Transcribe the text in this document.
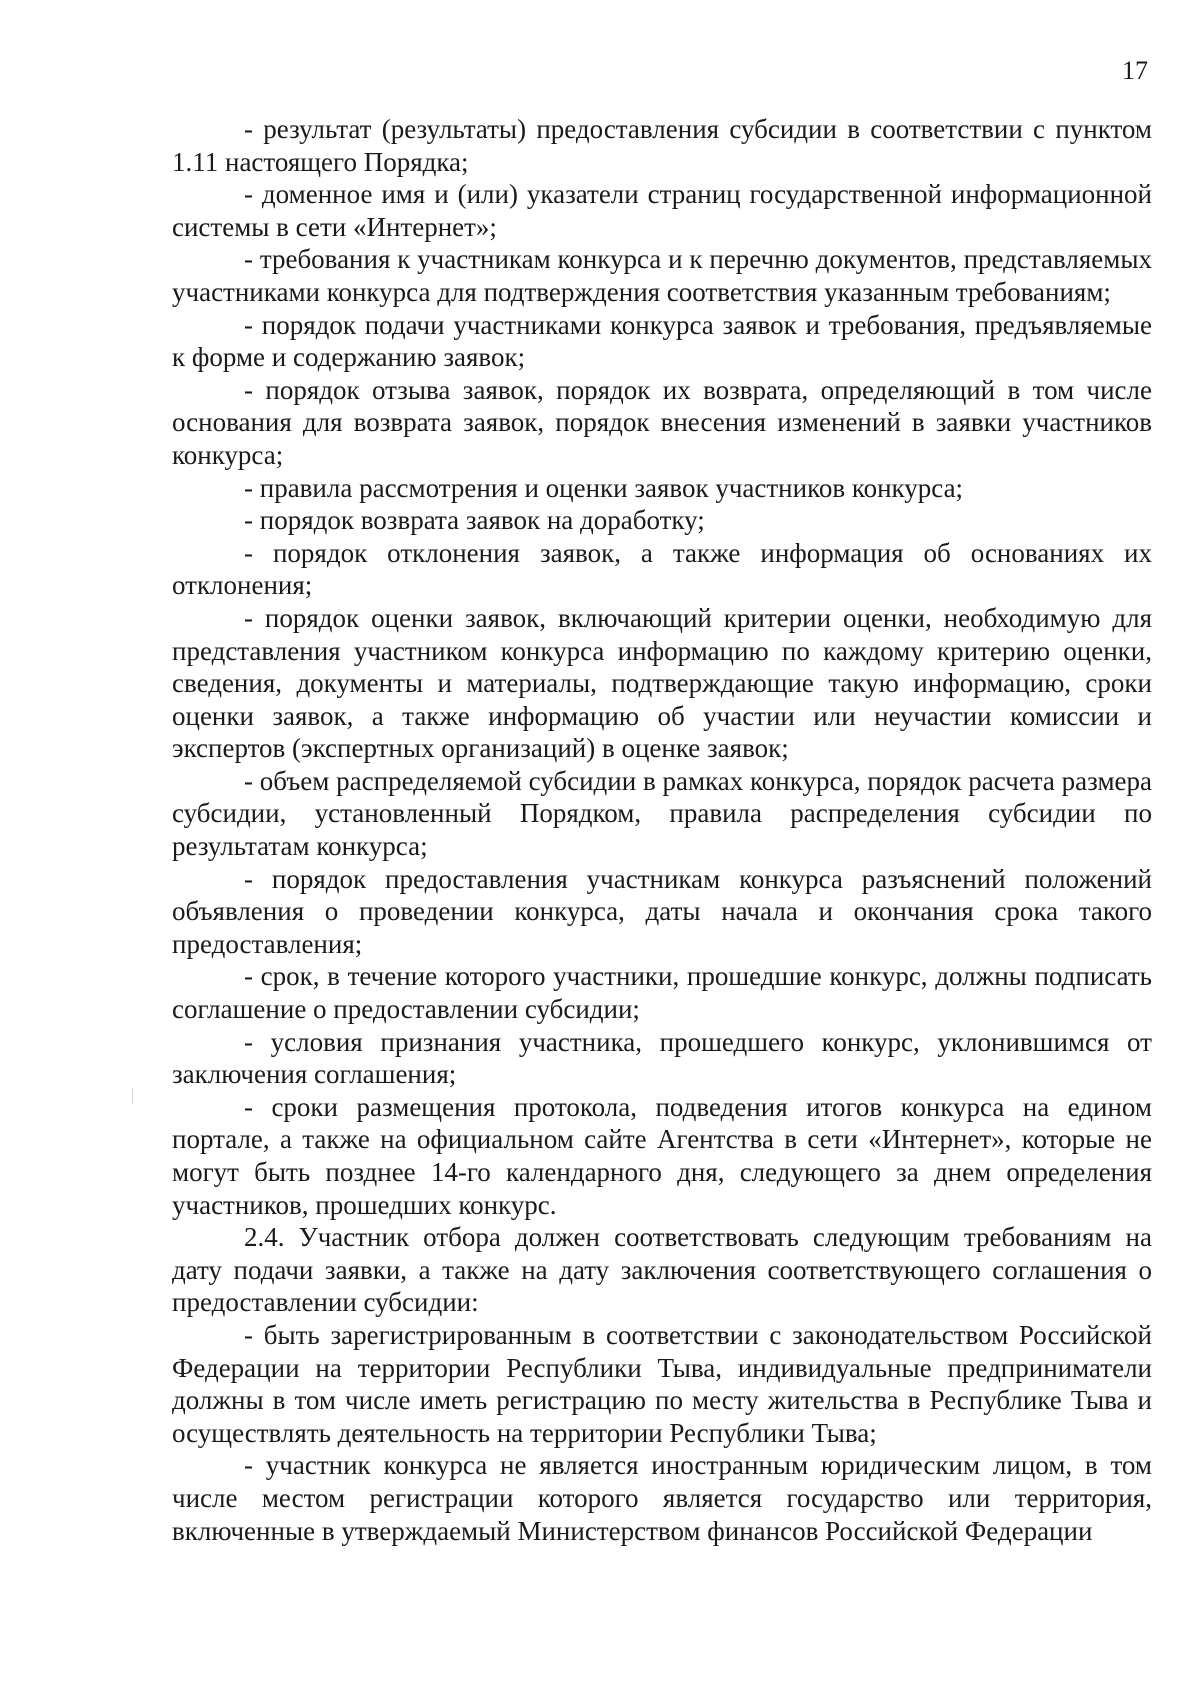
17

- результат (результаты) предоставления субсидии в соответствии с пунктом 1.11 настоящего Порядка;

- доменное имя и (или) указатели страниц государственной информационной системы в сети «Интернет»;

- требования к участникам конкурса и к перечню документов, представляемых участниками конкурса для подтверждения соответствия указанным требованиям;

- порядок подачи участниками конкурса заявок и требования, предъявляемые к форме и содержанию заявок;

- порядок отзыва заявок, порядок их возврата, определяющий в том числе основания для возврата заявок, порядок внесения изменений в заявки участников конкурса;

- правила рассмотрения и оценки заявок участников конкурса;

- порядок возврата заявок на доработку;

- порядок отклонения заявок, а также информация об основаниях их отклонения;

- порядок оценки заявок, включающий критерии оценки, необходимую для представления участником конкурса информацию по каждому критерию оценки, сведения, документы и материалы, подтверждающие такую информацию, сроки оценки заявок, а также информацию об участии или неучастии комиссии и экспертов (экспертных организаций) в оценке заявок;

- объем распределяемой субсидии в рамках конкурса, порядок расчета размера субсидии, установленный Порядком, правила распределения субсидии по результатам конкурса;

- порядок предоставления участникам конкурса разъяснений положений объявления о проведении конкурса, даты начала и окончания срока такого предоставления;

- срок, в течение которого участники, прошедшие конкурс, должны подписать соглашение о предоставлении субсидии;

- условия признания участника, прошедшего конкурс, уклонившимся от заключения соглашения;

- сроки размещения протокола, подведения итогов конкурса на едином портале, а также на официальном сайте Агентства в сети «Интернет», которые не могут быть позднее 14-го календарного дня, следующего за днем определения участников, прошедших конкурс.

2.4. Участник отбора должен соответствовать следующим требованиям на дату подачи заявки, а также на дату заключения соответствующего соглашения о предоставлении субсидии:

- быть зарегистрированным в соответствии с законодательством Российской Федерации на территории Республики Тыва, индивидуальные предприниматели должны в том числе иметь регистрацию по месту жительства в Республике Тыва и осуществлять деятельность на территории Республики Тыва;

- участник конкурса не является иностранным юридическим лицом, в том числе местом регистрации которого является государство или территория, включенные в утверждаемый Министерством финансов Российской Федерации
